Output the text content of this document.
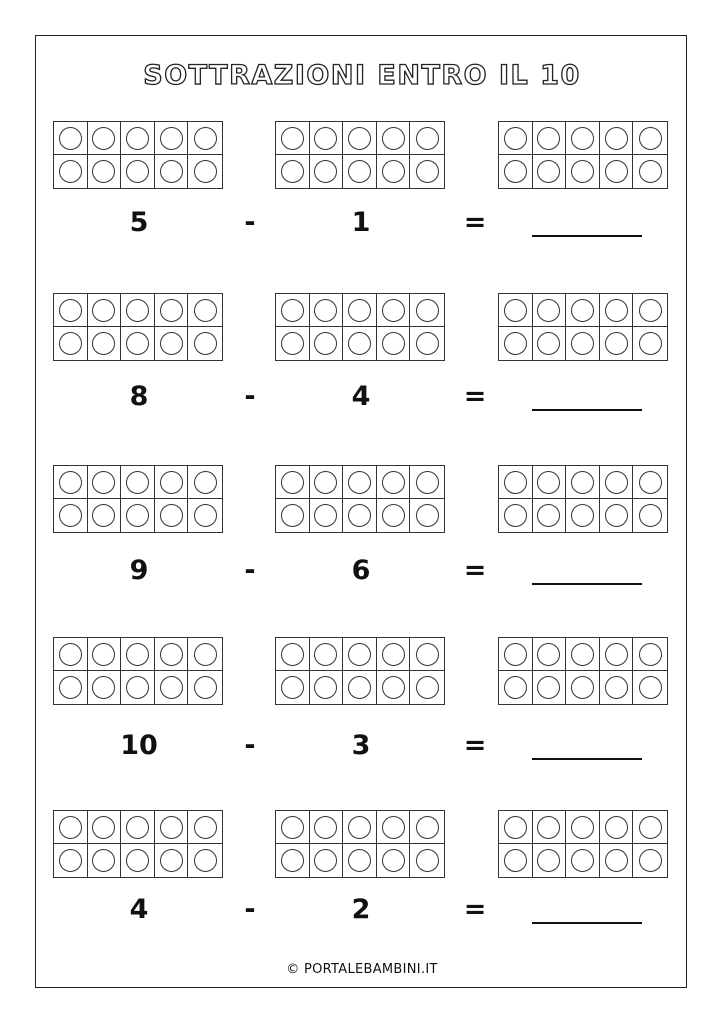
SOTTRAZIONI ENTRO IL 10
5	-	1	=
8	-	4	=
9	-	6	=
10	-	3	=
4	-	2	=
© PORTALEBAMBINI.IT
